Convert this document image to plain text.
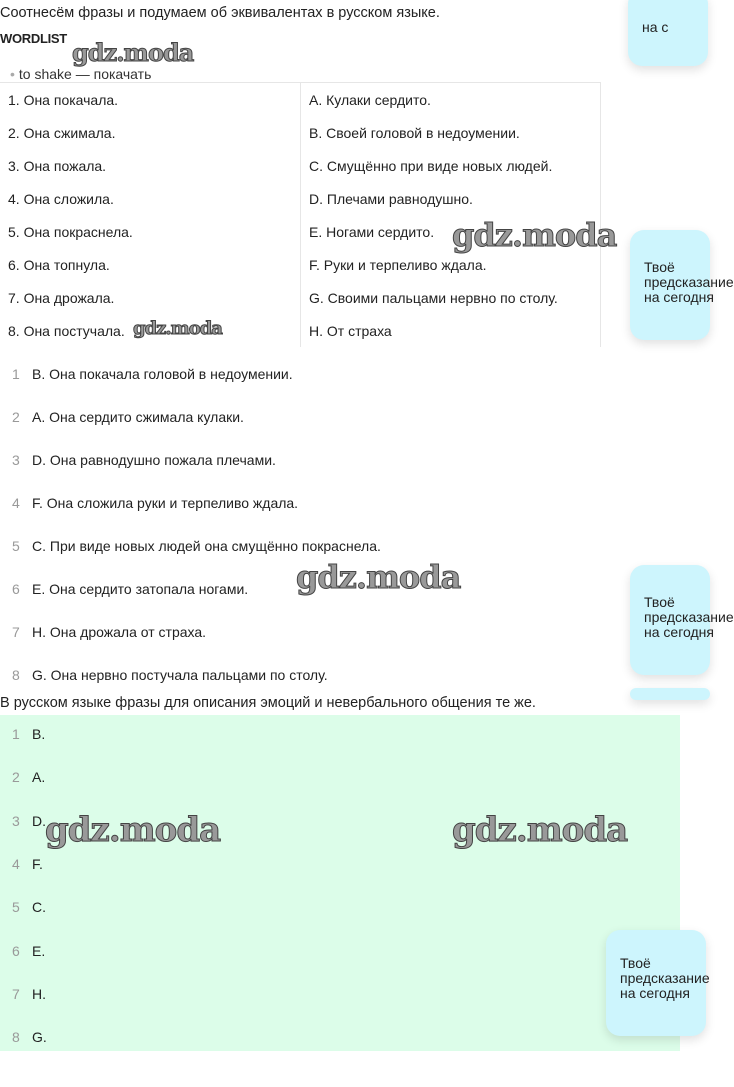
Соотнесём фразы и подумаем об эквивалентах в русском языке.
WORDLIST
• to shake — покачать
1. Она покачала.	A. Кулаки сердито.
2. Она сжимала.	B. Своей головой в недоумении.
3. Она пожала.	C. Смущённо при виде новых людей.
4. Она сложила.	D. Плечами равнодушно.
5. Она покраснела.	E. Ногами сердито.
6. Она топнула.	F. Руки и терпеливо ждала.
7. Она дрожала.	G. Своими пальцами нервно по столу.
8. Она постучала.	H. От страха
1 B. Она покачала головой в недоумении.
2 A. Она сердито сжимала кулаки.
3 D. Она равнодушно пожала плечами.
4 F. Она сложила руки и терпеливо ждала.
5 C. При виде новых людей она смущённо покраснела.
6 E. Она сердито затопала ногами.
7 H. Она дрожала от страха.
8 G. Она нервно постучала пальцами по столу.
В русском языке фразы для описания эмоций и невербального общения те же.
1 B.
2 A.
3 D.
4 F.
5 C.
6 E.
7 H.
8 G.
на с
Твоё
предсказание
на сегодня
Твоё
предсказание
на сегодня
Твоё
предсказание
на сегодня
gdz.moda
gdz.moda
gdz.moda
gdz.moda
gdz.moda	gdz.moda
